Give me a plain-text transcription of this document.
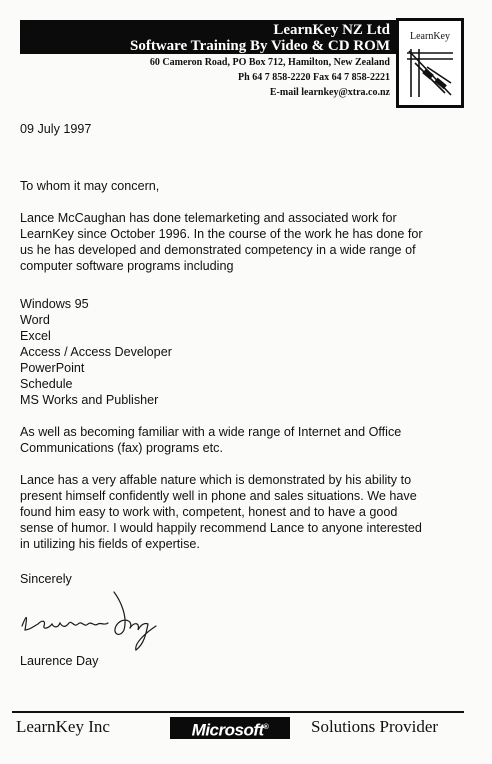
LearnKey NZ Ltd
Software Training By Video & CD ROM
60 Cameron Road, PO Box 712, Hamilton, New Zealand
Ph 64 7 858-2220 Fax 64 7 858-2221
E-mail learnkey@xtra.co.nz
LearnKey
09 July 1997
To whom it may concern,
Lance McCaughan has done telemarketing and associated work for
LearnKey since October 1996. In the course of the work he has done for
us he has developed and demonstrated competency in a wide range of
computer software programs including
Windows 95
Word
Excel
Access / Access Developer
PowerPoint
Schedule
MS Works and Publisher
As well as becoming familiar with a wide range of Internet and Office
Communications (fax) programs etc.
Lance has a very affable nature which is demonstrated by his ability to
present himself confidently well in phone and sales situations. We have
found him easy to work with, competent, honest and to have a good
sense of humor. I would happily recommend Lance to anyone interested
in utilizing his fields of expertise.
Sincerely
Laurence Day
LearnKey Inc	Microsoft®	Solutions Provider
